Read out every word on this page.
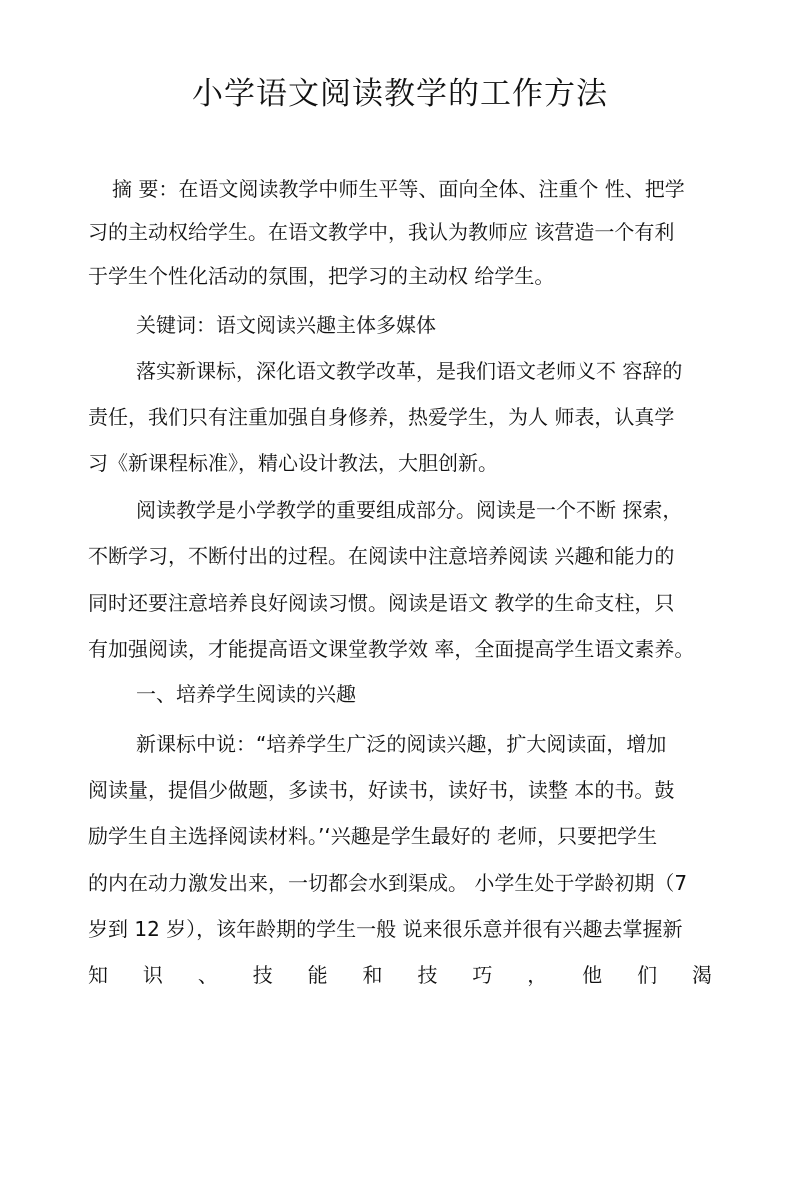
小学语文阅读教学的工作方法

摘 要：在语文阅读教学中师生平等、面向全体、注重个 性、把学

习的主动权给学生。在语文教学中，我认为教师应 该营造一个有利

于学生个性化活动的氛围，把学习的主动权 给学生。

关键词：语文阅读兴趣主体多媒体

落实新课标，深化语文教学改革，是我们语文老师义不 容辞的

责任，我们只有注重加强自身修养，热爱学生，为人 师表，认真学

习《新课程标准》，精心设计教法，大胆创新。

阅读教学是小学教学的重要组成部分。阅读是一个不断 探索，

不断学习，不断付出的过程。在阅读中注意培养阅读 兴趣和能力的

同时还要注意培养良好阅读习惯。阅读是语文 教学的生命支柱，只

有加强阅读，才能提高语文课堂教学效 率，全面提高学生语文素养。

一、培养学生阅读的兴趣

新课标中说：“培养学生广泛的阅读兴趣，扩大阅读面，增加

阅读量，提倡少做题，多读书，好读书，读好书，读整 本的书。鼓

励学生自主选择阅读材料。’‘兴趣是学生最好的 老师，只要把学生

的内在动力激发出来，一切都会水到渠成。 小学生处于学龄初期（7

岁到 12 岁），该年龄期的学生一般 说来很乐意并很有兴趣去掌握新

知 识 、 技 能 和 技 巧 ， 他 们 渴
